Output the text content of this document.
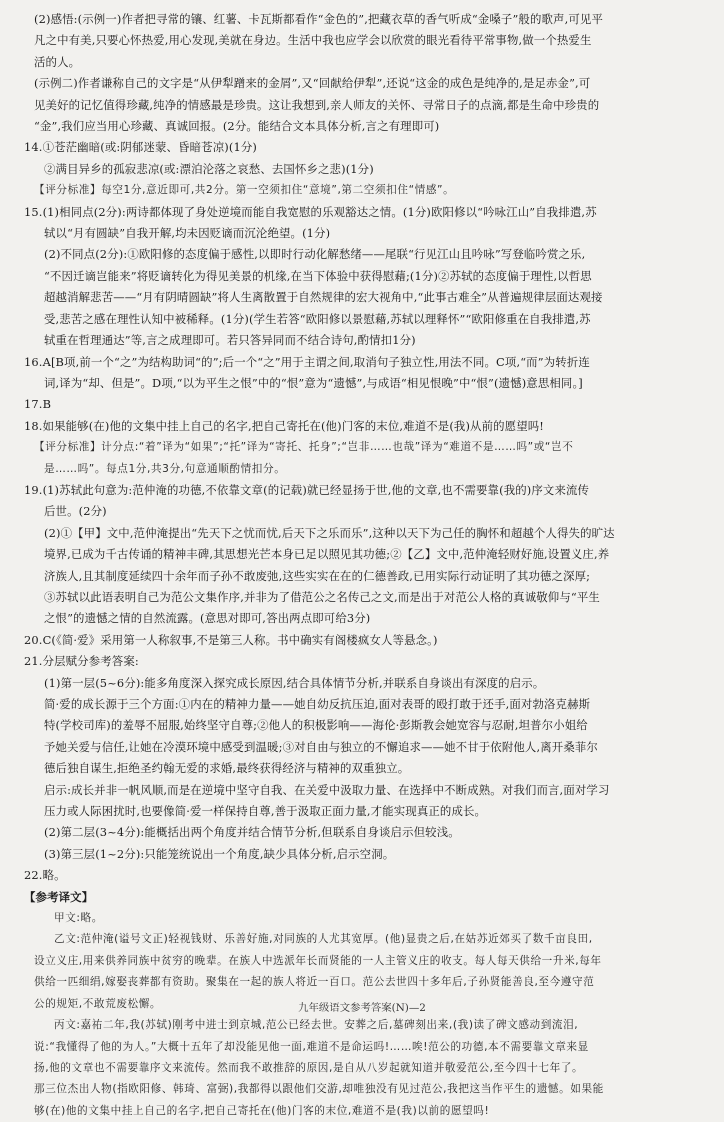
(2)感悟:(示例一)作者把寻常的镶、红薯、卡瓦斯都看作“金色的”,把藏衣草的香气听成“金嗓子”般的歌声,可见平
凡之中有美,只要心怀热爱,用心发现,美就在身边。生活中我也应学会以欣赏的眼光看待平常事物,做一个热爱生
活的人。
(示例二)作者谦称自己的文字是“从伊犁蹭来的金屑”,又“回献给伊犁”,还说“这金的成色是纯净的,是足赤金”,可
见美好的记忆值得珍藏,纯净的情感最是珍贵。这让我想到,亲人师友的关怀、寻常日子的点滴,都是生命中珍贵的
“金”,我们应当用心珍藏、真诚回报。(2分。能结合文本具体分析,言之有理即可)
14.①苍茫幽暗(或:阴郁迷蒙、昏暗苍凉)(1分)
②满目异乡的孤寂悲凉(或:漂泊沦落之哀愁、去国怀乡之悲)(1分)
【评分标准】每空1分,意近即可,共2分。第一空须扣住“意境”,第二空须扣住“情感”。
15.(1)相同点(2分):两诗都体现了身处逆境而能自我宽慰的乐观豁达之情。(1分)欧阳修以“吟咏江山”自我排遣,苏
轼以“月有圆缺”自我开解,均未因贬谪而沉沦绝望。(1分)
(2)不同点(2分):①欧阳修的态度偏于感性,以即时行动化解愁绪——尾联“行见江山且吟咏”写登临吟赏之乐,
“不因迁谪岂能来”将贬谪转化为得见美景的机缘,在当下体验中获得慰藉;(1分)②苏轼的态度偏于理性,以哲思
超越消解悲苦——“月有阴晴圆缺”将人生离散置于自然规律的宏大视角中,“此事古难全”从普遍规律层面达观接
受,悲苦之感在理性认知中被稀释。(1分)(学生若答“欧阳修以景慰藉,苏轼以理释怀”“欧阳修重在自我排遣,苏
轼重在哲理通达”等,言之成理即可。若只答异同而不结合诗句,酌情扣1分)
16.A[B项,前一个“之”为结构助词“的”;后一个“之”用于主谓之间,取消句子独立性,用法不同。C项,“而”为转折连
词,译为“却、但是”。D项,“以为平生之恨”中的“恨”意为“遗憾”,与成语“相见恨晚”中“恨”(遗憾)意思相同。]
17.B
18.如果能够(在)他的文集中挂上自己的名字,把自己寄托在(他)门客的末位,难道不是(我)从前的愿望吗!
【评分标准】计分点:“着”译为“如果”;“托”译为“寄托、托身”;“岂非……也哉”译为“难道不是……吗”或“岂不
是……吗”。每点1分,共3分,句意通顺酌情扣分。
19.(1)苏轼此句意为:范仲淹的功德,不依靠文章(的记载)就已经显扬于世,他的文章,也不需要靠(我的)序文来流传
后世。(2分)
(2)①【甲】文中,范仲淹提出“先天下之忧而忧,后天下之乐而乐”,这种以天下为己任的胸怀和超越个人得失的旷达
境界,已成为千古传诵的精神丰碑,其思想光芒本身已足以照见其功德;②【乙】文中,范仲淹轻财好施,设置义庄,养
济族人,且其制度延续四十余年而子孙不敢废弛,这些实实在在的仁德善政,已用实际行动证明了其功德之深厚;
③苏轼以此语表明自己为范公文集作序,并非为了借范公之名传己之文,而是出于对范公人格的真诚敬仰与“平生
之恨”的遗憾之情的自然流露。(意思对即可,答出两点即可给3分)
20.C(《简·爱》采用第一人称叙事,不是第三人称。书中确实有阁楼疯女人等悬念。)
21.分层赋分参考答案:
(1)第一层(5~6分):能多角度深入探究成长原因,结合具体情节分析,并联系自身谈出有深度的启示。
简·爱的成长源于三个方面:①内在的精神力量——她自幼反抗压迫,面对表哥的殴打敢于还手,面对勃洛克赫斯
特(学校司库)的羞辱不屈服,始终坚守自尊;②他人的积极影响——海伦·彭斯教会她宽容与忍耐,坦普尔小姐给
予她关爱与信任,让她在冷漠环境中感受到温暖;③对自由与独立的不懈追求——她不甘于依附他人,离开桑菲尔
德后独自谋生,拒绝圣约翰无爱的求婚,最终获得经济与精神的双重独立。
启示:成长并非一帆风顺,而是在逆境中坚守自我、在关爱中汲取力量、在选择中不断成熟。对我们而言,面对学习
压力或人际困扰时,也要像简·爱一样保持自尊,善于汲取正面力量,才能实现真正的成长。
(2)第二层(3~4分):能概括出两个角度并结合情节分析,但联系自身谈启示但较浅。
(3)第三层(1~2分):只能笼统说出一个角度,缺少具体分析,启示空洞。
22.略。
【参考译文】
甲文:略。
乙文:范仲淹(谥号文正)轻视钱财、乐善好施,对同族的人尤其宽厚。(他)显贵之后,在姑苏近郊买了数千亩良田,
设立义庄,用来供养同族中贫穷的晚辈。在族人中选派年长而贤能的一人主管义庄的收支。每人每天供给一升米,每年
供给一匹细绢,嫁娶丧葬都有资助。聚集在一起的族人将近一百口。范公去世四十多年后,子孙贤能善良,至今遵守范
公的规矩,不敢荒废松懈。
丙文:嘉祐二年,我(苏轼)刚考中进士到京城,范公已经去世。安葬之后,墓碑刻出来,(我)读了碑文感动到流泪,
说:“我懂得了他的为人。”大概十五年了却没能见他一面,难道不是命运吗!……唉!范公的功德,本不需要靠文章来显
扬,他的文章也不需要靠序文来流传。然而我不敢推辞的原因,是自从八岁起就知道并敬爱范公,至今四十七年了。
那三位杰出人物(指欧阳修、韩琦、富弼),我都得以跟他们交游,却唯独没有见过范公,我把这当作平生的遗憾。如果能
够(在)他的文集中挂上自己的名字,把自己寄托在(他)门客的末位,难道不是(我)以前的愿望吗!
九年级语文参考答案(N)—2
